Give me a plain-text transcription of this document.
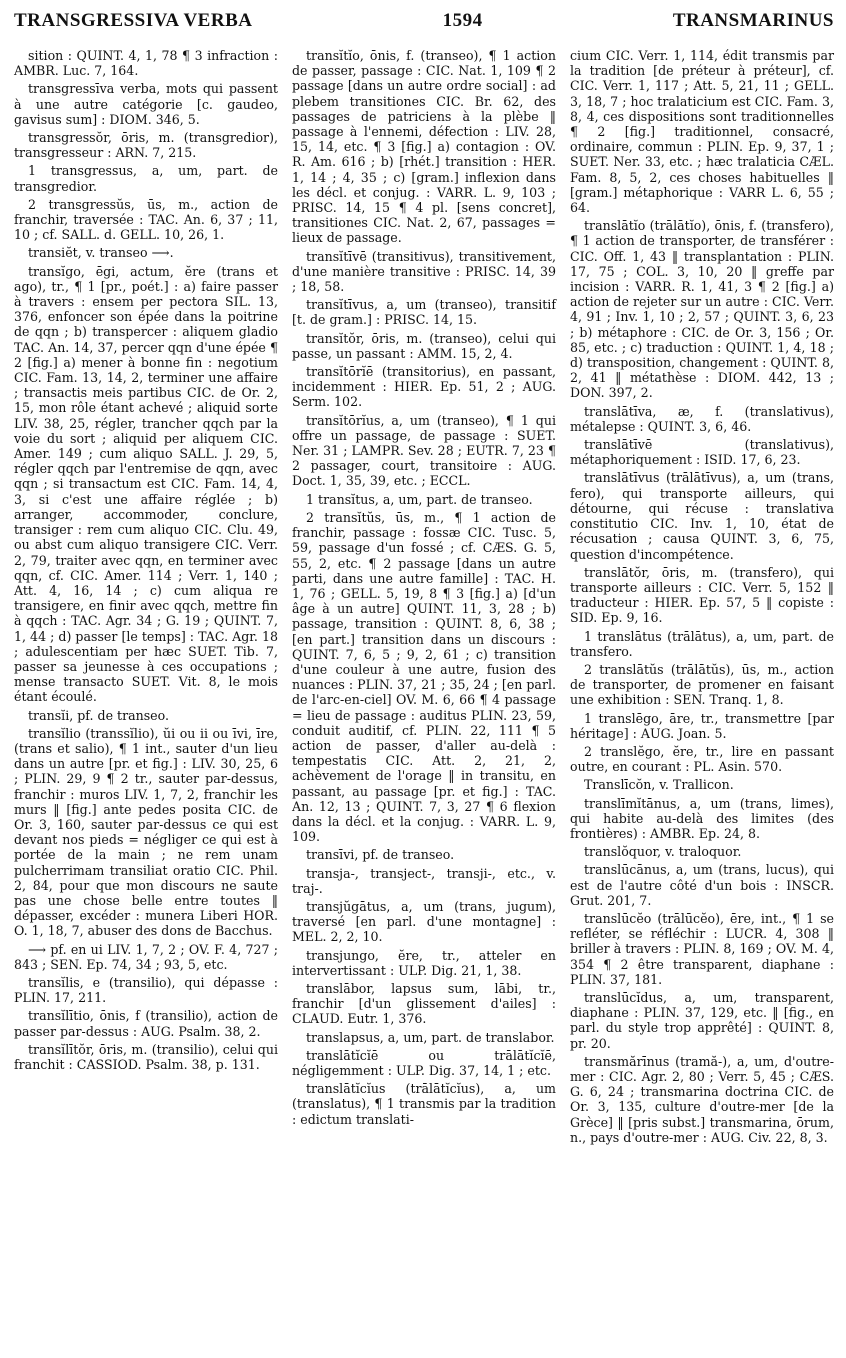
TRANSGRESSIVA VERBA	1594	TRANSMARINUS

sition : QUINT. 4, 1, 78 ¶ 3 infraction : AMBR. Luc. 7, 164.

transgressīva verba, mots qui passent à une autre catégorie [c. gaudeo, gavisus sum] : DIOM. 346, 5.

transgressŏr, ōris, m. (transgredior), transgresseur : ARN. 7, 215.

1 transgressus, a, um, part. de transgredior.

2 transgressŭs, ūs, m., action de franchir, traversée : TAC. An. 6, 37 ; 11, 10 ; cf. SALL. d. GELL. 10, 26, 1.

transiĕt, v. transeo ⟶.

transĭgo, ēgi, actum, ĕre (trans et ago), tr., ¶ 1 [pr., poét.] : a) faire passer à travers : ensem per pectora SIL. 13, 376, enfoncer son épée dans la poitrine de qqn ; b) transpercer : aliquem gladio TAC. An. 14, 37, percer qqn d'une épée ¶ 2 [fig.] a) mener à bonne fin : negotium CIC. Fam. 13, 14, 2, terminer une affaire ; transactis meis partibus CIC. de Or. 2, 15, mon rôle étant achevé ; aliquid sorte LIV. 38, 25, régler, trancher qqch par la voie du sort ; aliquid per aliquem CIC. Amer. 149 ; cum aliquo SALL. J. 29, 5, régler qqch par l'entremise de qqn, avec qqn ; si transactum est CIC. Fam. 14, 4, 3, si c'est une affaire réglée ; b) arranger, accommoder, conclure, transiger : rem cum aliquo CIC. Clu. 49, ou abst cum aliquo transigere CIC. Verr. 2, 79, traiter avec qqn, en terminer avec qqn, cf. CIC. Amer. 114 ; Verr. 1, 140 ; Att. 4, 16, 14 ; c) cum aliqua re transigere, en finir avec qqch, mettre fin à qqch : TAC. Agr. 34 ; G. 19 ; QUINT. 7, 1, 44 ; d) passer [le temps] : TAC. Agr. 18 ; adulescentiam per hæc SUET. Tib. 7, passer sa jeunesse à ces occupations ; mense transacto SUET. Vit. 8, le mois étant écoulé.

transĭi, pf. de transeo.

transĭlio (transsĭlio), ŭi ou ii ou īvi, īre, (trans et salio), ¶ 1 int., sauter d'un lieu dans un autre [pr. et fig.] : LIV. 30, 25, 6 ; PLIN. 29, 9 ¶ 2 tr., sauter par-dessus, franchir : muros LIV. 1, 7, 2, franchir les murs ‖ [fig.] ante pedes posita CIC. de Or. 3, 160, sauter par-dessus ce qui est devant nos pieds = négliger ce qui est à portée de la main ; ne rem unam pulcherrimam transiliat oratio CIC. Phil. 2, 84, pour que mon discours ne saute pas une chose belle entre toutes ‖ dépasser, excéder : munera Liberi HOR. O. 1, 18, 7, abuser des dons de Bacchus.

⟶ pf. en ui LIV. 1, 7, 2 ; OV. F. 4, 727 ; 843 ; SEN. Ep. 74, 34 ; 93, 5, etc.

transĭlis, e (transilio), qui dépasse : PLIN. 17, 211.

transĭlītio, ōnis, f (transilio), action de passer par-dessus : AUG. Psalm. 38, 2.

transĭlītŏr, ōris, m. (transilio), celui qui franchit : CASSIOD. Psalm. 38, p. 131.

transĭtĭo, ōnis, f. (transeo), ¶ 1 action de passer, passage : CIC. Nat. 1, 109 ¶ 2 passage [dans un autre ordre social] : ad plebem transitiones CIC. Br. 62, des passages de patriciens à la plèbe ‖ passage à l'ennemi, défection : LIV. 28, 15, 14, etc. ¶ 3 [fig.] a) contagion : OV. R. Am. 616 ; b) [rhét.] transition : HER. 1, 14 ; 4, 35 ; c) [gram.] inflexion dans les décl. et conjug. : VARR. L. 9, 103 ; PRISC. 14, 15 ¶ 4 pl. [sens concret], transitiones CIC. Nat. 2, 67, passages = lieux de passage.

transĭtīvē (transitivus), transitivement, d'une manière transitive : PRISC. 14, 39 ; 18, 58.

transĭtīvus, a, um (transeo), transitif [t. de gram.] : PRISC. 14, 15.

transĭtŏr, ōris, m. (transeo), celui qui passe, un passant : AMM. 15, 2, 4.

transĭtōrĭē (transitorius), en passant, incidemment : HIER. Ep. 51, 2 ; AUG. Serm. 102.

transĭtōrĭus, a, um (transeo), ¶ 1 qui offre un passage, de passage : SUET. Ner. 31 ; LAMPR. Sev. 28 ; EUTR. 7, 23 ¶ 2 passager, court, transitoire : AUG. Doct. 1, 35, 39, etc. ; ECCL.

1 transĭtus, a, um, part. de transeo.

2 transĭtŭs, ūs, m., ¶ 1 action de franchir, passage : fossæ CIC. Tusc. 5, 59, passage d'un fossé ; cf. CÆS. G. 5, 55, 2, etc. ¶ 2 passage [dans un autre parti, dans une autre famille] : TAC. H. 1, 76 ; GELL. 5, 19, 8 ¶ 3 [fig.] a) [d'un âge à un autre] QUINT. 11, 3, 28 ; b) passage, transition : QUINT. 8, 6, 38 ; [en part.] transition dans un discours : QUINT. 7, 6, 5 ; 9, 2, 61 ; c) transition d'une couleur à une autre, fusion des nuances : PLIN. 37, 21 ; 35, 24 ; [en parl. de l'arc-en-ciel] OV. M. 6, 66 ¶ 4 passage = lieu de passage : auditus PLIN. 23, 59, conduit auditif, cf. PLIN. 22, 111 ¶ 5 action de passer, d'aller au-delà : tempestatis CIC. Att. 2, 21, 2, achèvement de l'orage ‖ in transitu, en passant, au passage [pr. et fig.] : TAC. An. 12, 13 ; QUINT. 7, 3, 27 ¶ 6 flexion dans la décl. et la conjug. : VARR. L. 9, 109.

transīvi, pf. de transeo.

transja-, transject-, transji-, etc., v. traj-.

transjŭgātus, a, um (trans, jugum), traversé [en parl. d'une montagne] : MEL. 2, 2, 10.

transjungo, ĕre, tr., atteler en intervertissant : ULP. Dig. 21, 1, 38.

translābor, lapsus sum, lābi, tr., franchir [d'un glissement d'ailes] : CLAUD. Eutr. 1, 376.

translapsus, a, um, part. de translabor.

translātĭcĭē ou trālātĭcĭē, négligemment : ULP. Dig. 37, 14, 1 ; etc.

translātĭcĭus (trālātĭcĭus), a, um (translatus), ¶ 1 transmis par la tradition : edictum translati-

cium CIC. Verr. 1, 114, édit transmis par la tradition [de préteur à préteur], cf. CIC. Verr. 1, 117 ; Att. 5, 21, 11 ; GELL. 3, 18, 7 ; hoc tralaticium est CIC. Fam. 3, 8, 4, ces dispositions sont traditionnelles ¶ 2 [fig.] traditionnel, consacré, ordinaire, commun : PLIN. Ep. 9, 37, 1 ; SUET. Ner. 33, etc. ; hæc tralaticia CÆL. Fam. 8, 5, 2, ces choses habituelles ‖ [gram.] métaphorique : VARR L. 6, 55 ; 64.

translātĭo (trālātĭo), ōnis, f. (transfero), ¶ 1 action de transporter, de transférer : CIC. Off. 1, 43 ‖ transplantation : PLIN. 17, 75 ; COL. 3, 10, 20 ‖ greffe par incision : VARR. R. 1, 41, 3 ¶ 2 [fig.] a) action de rejeter sur un autre : CIC. Verr. 4, 91 ; Inv. 1, 10 ; 2, 57 ; QUINT. 3, 6, 23 ; b) métaphore : CIC. de Or. 3, 156 ; Or. 85, etc. ; c) traduction : QUINT. 1, 4, 18 ; d) transposition, changement : QUINT. 8, 2, 41 ‖ métathèse : DIOM. 442, 13 ; DON. 397, 2.

translātīva, æ, f. (translativus), métalepse : QUINT. 3, 6, 46.

translātīvē (translativus), métaphoriquement : ISID. 17, 6, 23.

translātīvus (trālātīvus), a, um (trans, fero), qui transporte ailleurs, qui détourne, qui récuse : translativa constitutio CIC. Inv. 1, 10, état de récusation ; causa QUINT. 3, 6, 75, question d'incompétence.

translātŏr, ōris, m. (transfero), qui transporte ailleurs : CIC. Verr. 5, 152 ‖ traducteur : HIER. Ep. 57, 5 ‖ copiste : SID. Ep. 9, 16.

1 translātus (trālātus), a, um, part. de transfero.

2 translātŭs (trālātŭs), ūs, m., action de transporter, de promener en faisant une exhibition : SEN. Tranq. 1, 8.

1 translēgo, āre, tr., transmettre [par héritage] : AUG. Joan. 5.

2 translĕgo, ĕre, tr., lire en passant outre, en courant : PL. Asin. 570.

Translīcŏn, v. Trallicon.

translīmĭtānus, a, um (trans, limes), qui habite au-delà des limites (des frontières) : AMBR. Ep. 24, 8.

translŏquor, v. traloquor.

translūcānus, a, um (trans, lucus), qui est de l'autre côté d'un bois : INSCR. Grut. 201, 7.

translūcĕo (trālūcĕo), ēre, int., ¶ 1 se refléter, se réfléchir : LUCR. 4, 308 ‖ briller à travers : PLIN. 8, 169 ; OV. M. 4, 354 ¶ 2 être transparent, diaphane : PLIN. 37, 181.

translūcĭdus, a, um, transparent, diaphane : PLIN. 37, 129, etc. ‖ [fig., en parl. du style trop apprêté] : QUINT. 8, pr. 20.

transmărīnus (tramă-), a, um, d'outre-mer : CIC. Agr. 2, 80 ; Verr. 5, 45 ; CÆS. G. 6, 24 ; transmarina doctrina CIC. de Or. 3, 135, culture d'outre-mer [de la Grèce] ‖ [pris subst.] transmarina, ōrum, n., pays d'outre-mer : AUG. Civ. 22, 8, 3.
